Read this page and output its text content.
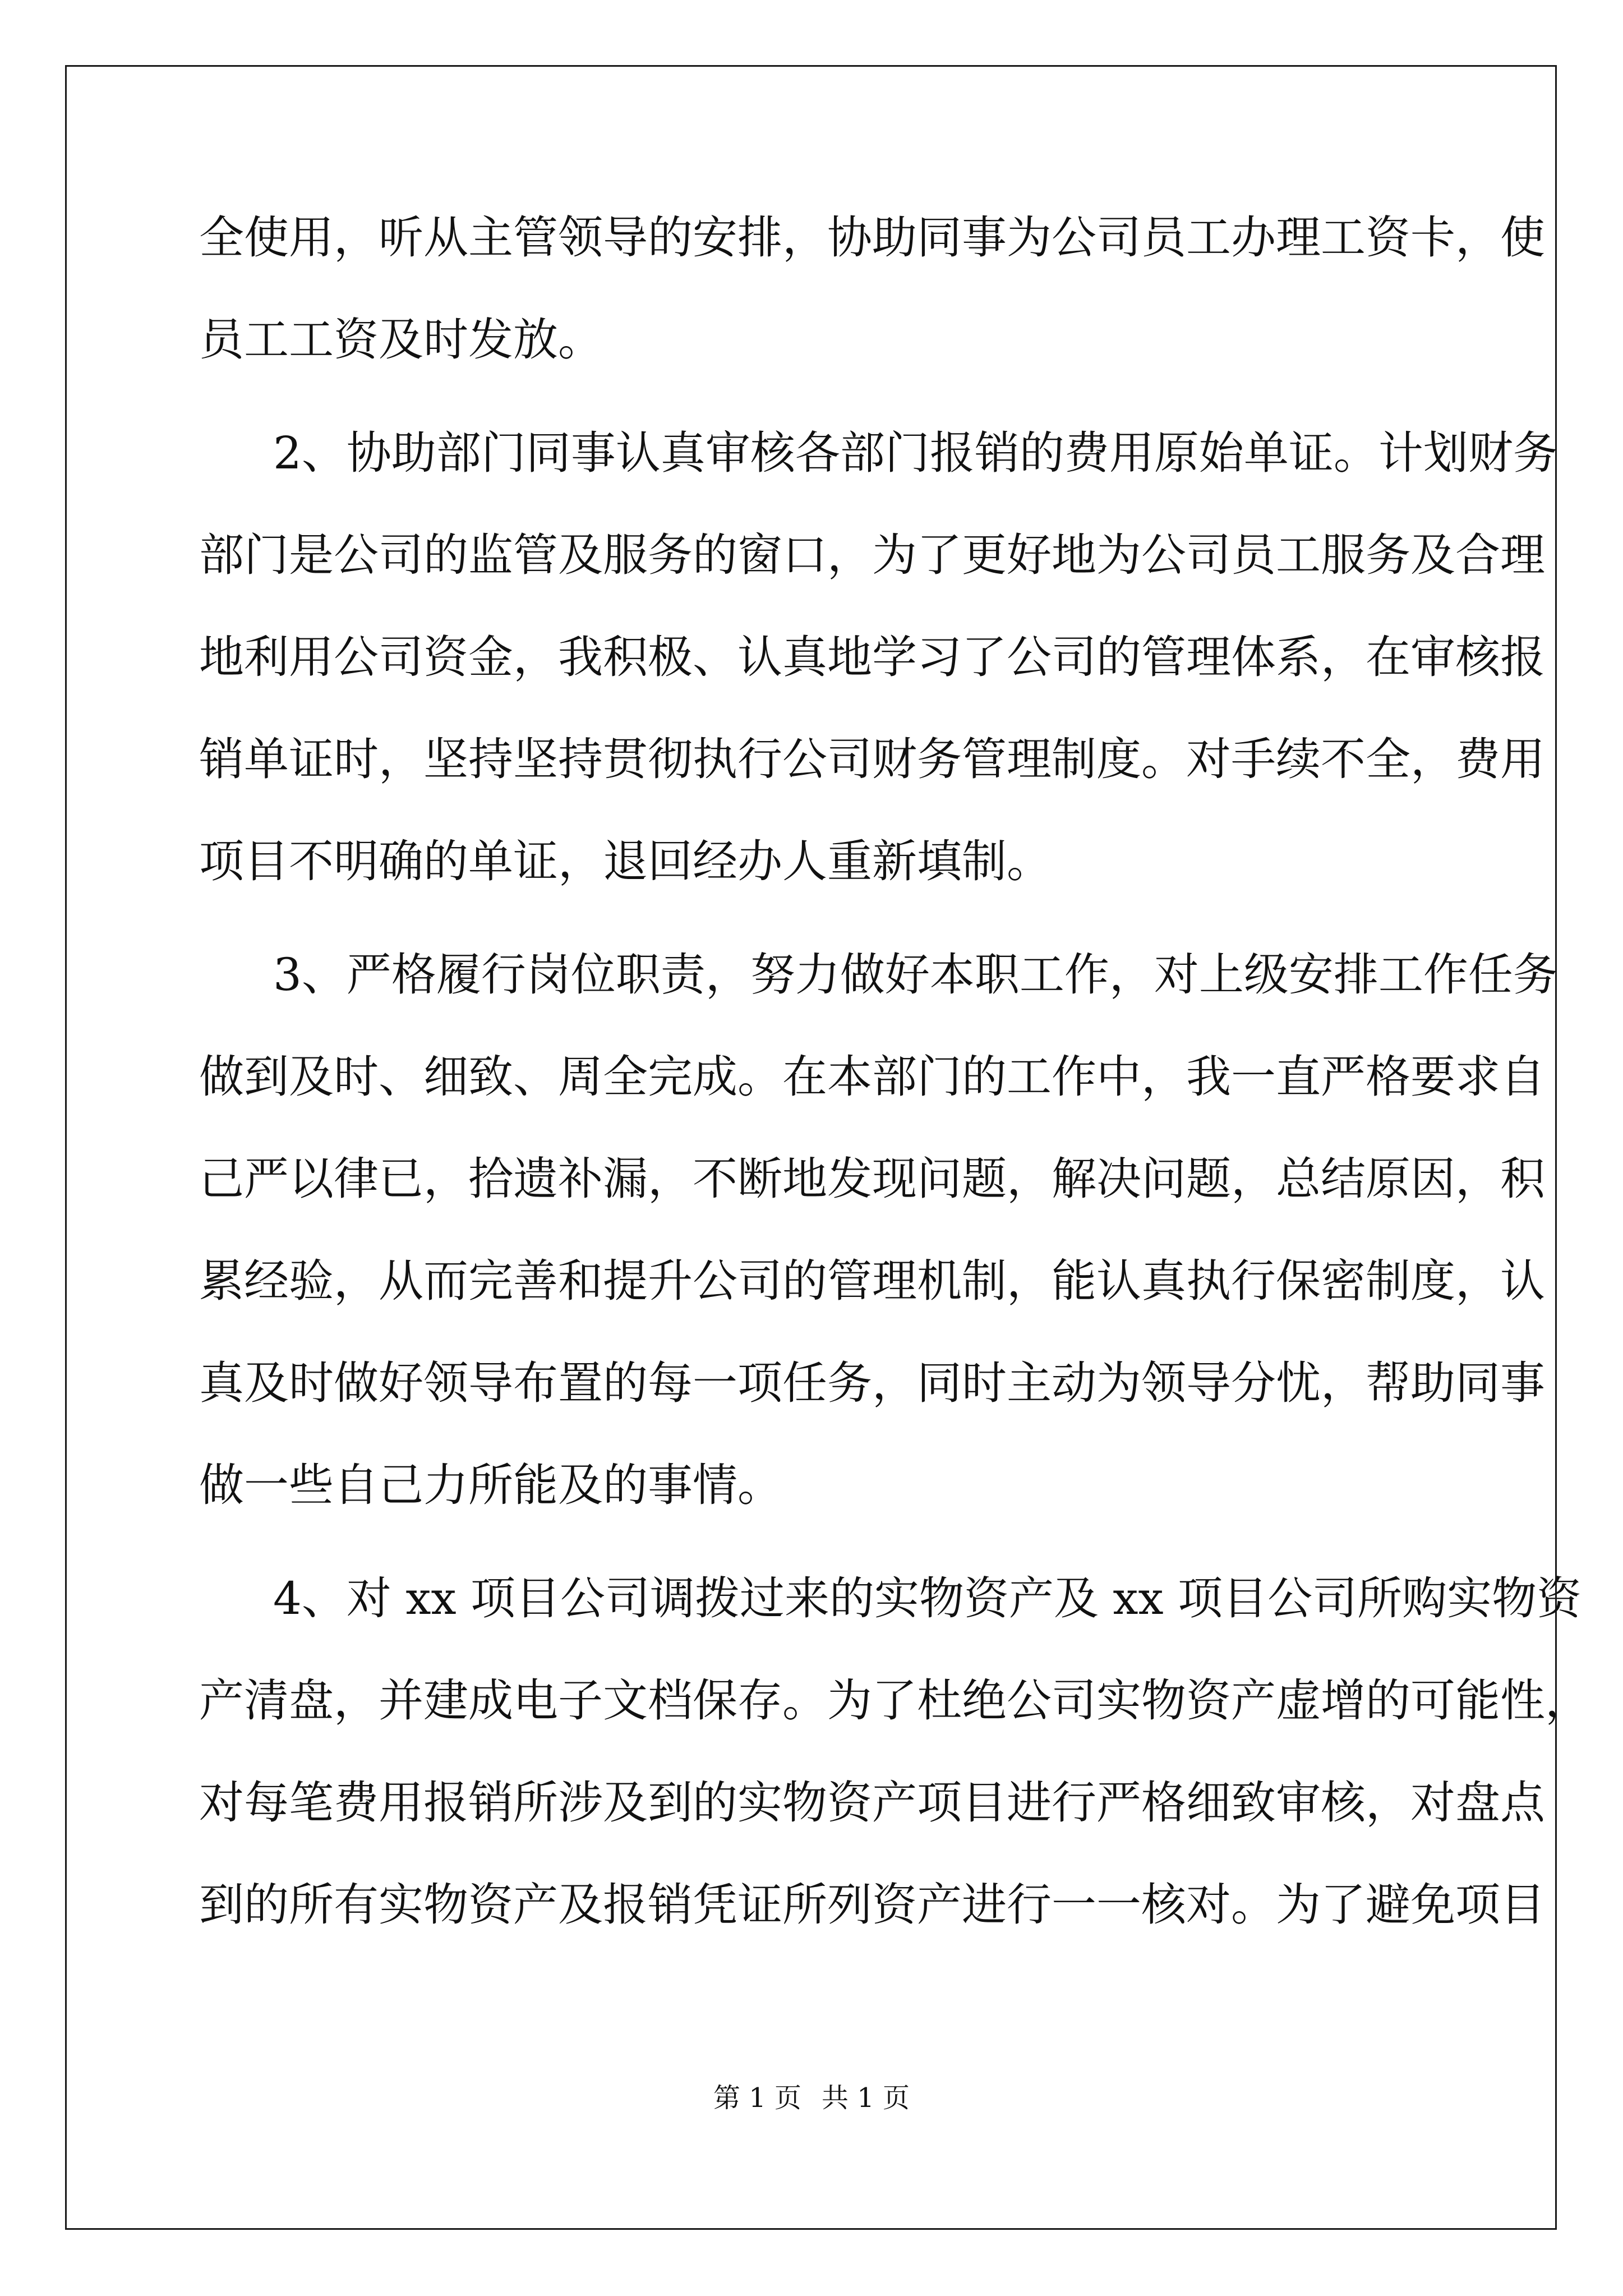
全使用，听从主管领导的安排，协助同事为公司员工办理工资卡，使
员工工资及时发放。
2、协助部门同事认真审核各部门报销的费用原始单证。计划财务
部门是公司的监管及服务的窗口，为了更好地为公司员工服务及合理
地利用公司资金，我积极、认真地学习了公司的管理体系，在审核报
销单证时，坚持坚持贯彻执行公司财务管理制度。对手续不全，费用
项目不明确的单证，退回经办人重新填制。
3、严格履行岗位职责，努力做好本职工作，对上级安排工作任务
做到及时、细致、周全完成。在本部门的工作中，我一直严格要求自
己严以律已，拾遗补漏，不断地发现问题，解决问题，总结原因，积
累经验，从而完善和提升公司的管理机制，能认真执行保密制度，认
真及时做好领导布置的每一项任务，同时主动为领导分忧，帮助同事
做一些自己力所能及的事情。
4、对 xx 项目公司调拨过来的实物资产及 xx 项目公司所购实物资
产清盘，并建成电子文档保存。为了杜绝公司实物资产虚增的可能性，
对每笔费用报销所涉及到的实物资产项目进行严格细致审核，对盘点
到的所有实物资产及报销凭证所列资产进行一一核对。为了避免项目
第 1 页 共 1 页
